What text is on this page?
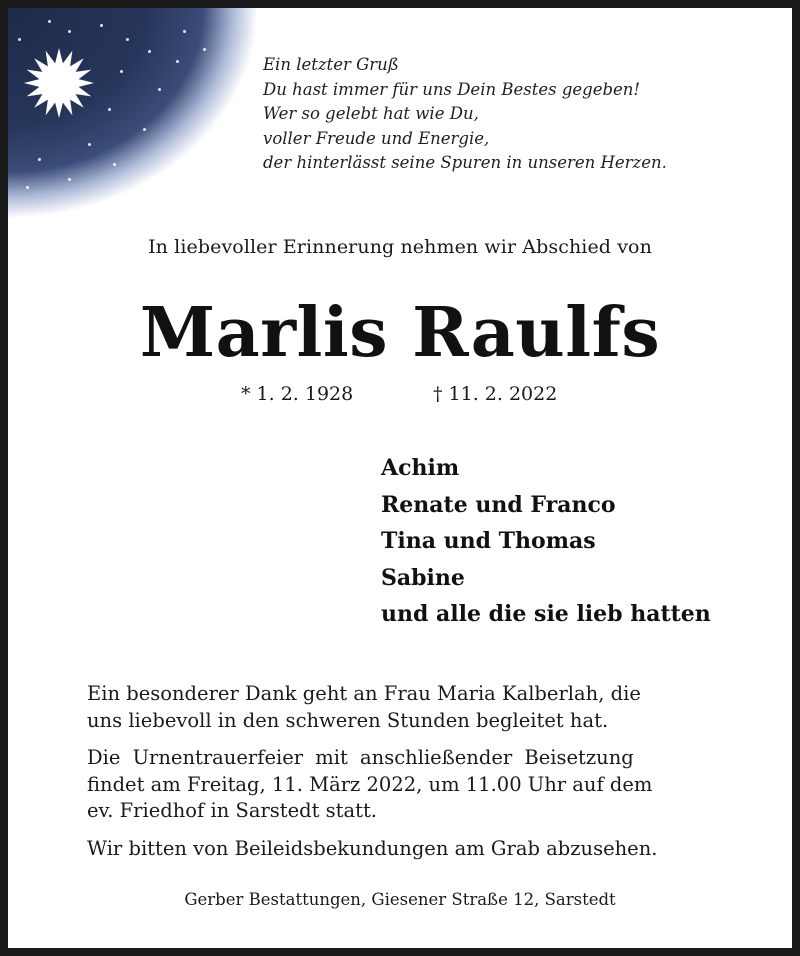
Ein letzter Gruß
Du hast immer für uns Dein Bestes gegeben!
Wer so gelebt hat wie Du,
voller Freude und Energie,
der hinterlässt seine Spuren in unseren Herzen.
In liebevoller Erinnerung nehmen wir Abschied von
Marlis Raulfs
* 1. 2. 1928	† 11. 2. 2022
Achim
Renate und Franco
Tina und Thomas
Sabine
und alle die sie lieb hatten
Ein besonderer Dank geht an Frau Maria Kalberlah, die
uns liebevoll in den schweren Stunden begleitet hat.
Die Urnentrauerfeier mit anschließender Beisetzung
findet am Freitag, 11. März 2022, um 11.00 Uhr auf dem
ev. Friedhof in Sarstedt statt.
Wir bitten von Beileidsbekundungen am Grab abzusehen.
Gerber Bestattungen, Giesener Straße 12, Sarstedt
